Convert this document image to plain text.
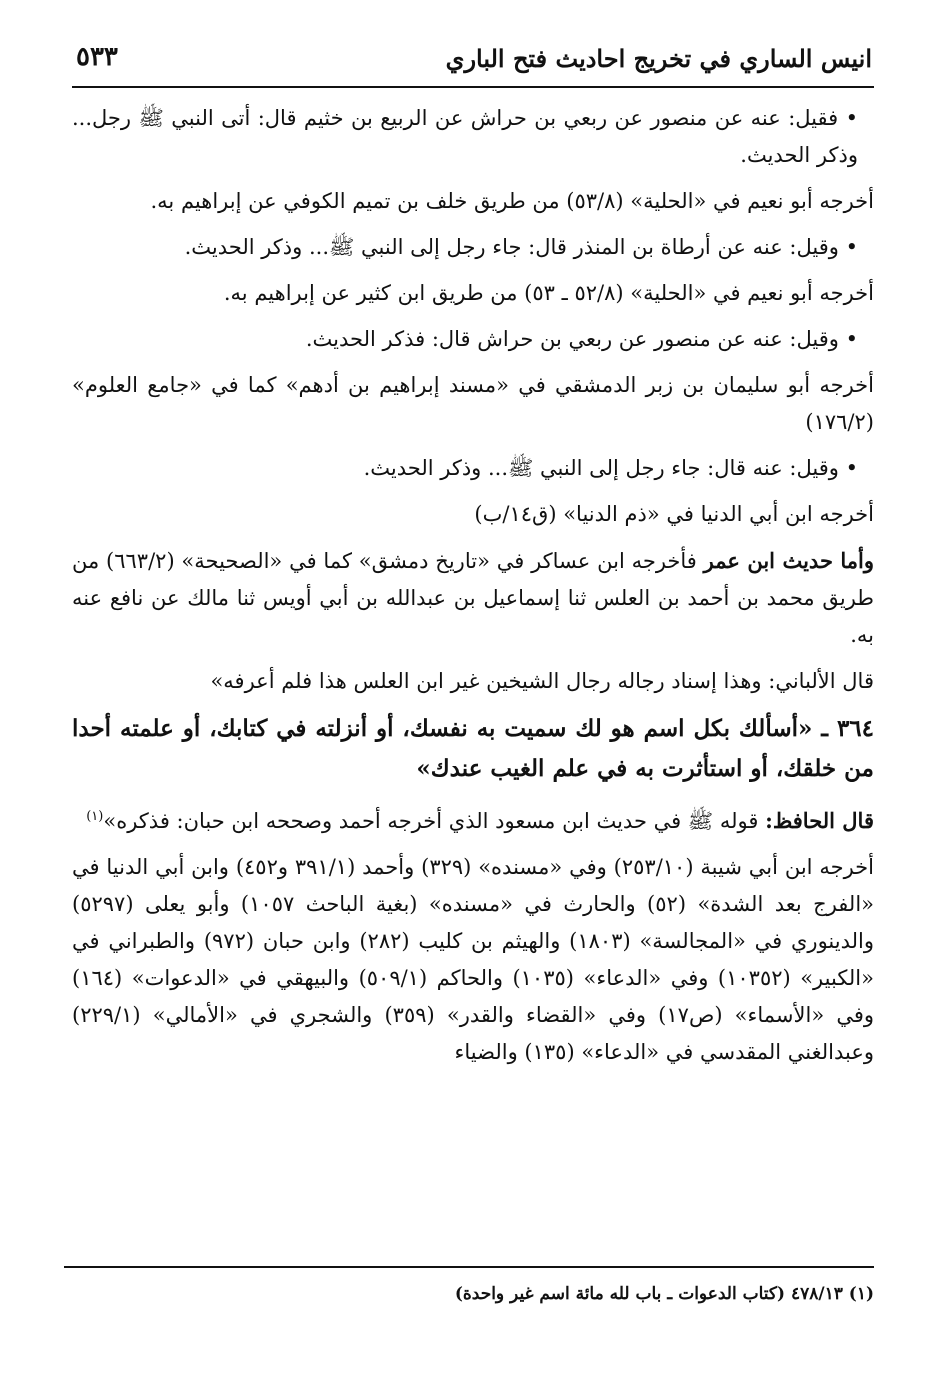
انيس الساري في تخريج احاديث فتح الباري
٥٣٣

• فقيل: عنه عن منصور عن ربعي بن حراش عن الربيع بن خثيم قال: أتى النبي ﷺ رجل... وذكر الحديث.

أخرجه أبو نعيم في «الحلية» (٥٣/٨) من طريق خلف بن تميم الكوفي عن إبراهيم به.

• وقيل: عنه عن أرطاة بن المنذر قال: جاء رجل إلى النبي ﷺ... وذكر الحديث.

أخرجه أبو نعيم في «الحلية» (٥٢/٨ ـ ٥٣) من طريق ابن كثير عن إبراهيم به.

• وقيل: عنه عن منصور عن ربعي بن حراش قال: فذكر الحديث.

أخرجه أبو سليمان بن زبر الدمشقي في «مسند إبراهيم بن أدهم» كما في «جامع العلوم» (١٧٦/٢)

• وقيل: عنه قال: جاء رجل إلى النبي ﷺ... وذكر الحديث.

أخرجه ابن أبي الدنيا في «ذم الدنيا» (ق١٤/ب)

وأما حديث ابن عمر فأخرجه ابن عساكر في «تاريخ دمشق» كما في «الصحيحة» (٦٦٣/٢) من طريق محمد بن أحمد بن العلس ثنا إسماعيل بن عبدالله بن أبي أويس ثنا مالك عن نافع عنه به.

قال الألباني: وهذا إسناد رجاله رجال الشيخين غير ابن العلس هذا فلم أعرفه»

٣٦٤ ـ «أسألك بكل اسم هو لك سميت به نفسك، أو أنزلته في كتابك، أو علمته أحدا من خلقك، أو استأثرت به في علم الغيب عندك»

قال الحافظ: قوله ﷺ في حديث ابن مسعود الذي أخرجه أحمد وصححه ابن حبان: فذكره»$^{(١)}$

أخرجه ابن أبي شيبة (٢٥٣/١٠) وفي «مسنده» (٣٢٩) وأحمد (٣٩١/١ و٤٥٢) وابن أبي الدنيا في «الفرج بعد الشدة» (٥٢) والحارث في «مسنده» (بغية الباحث ١٠٥٧) وأبو يعلى (٥٢٩٧) والدينوري في «المجالسة» (١٨٠٣) والهيثم بن كليب (٢٨٢) وابن حبان (٩٧٢) والطبراني في «الكبير» (١٠٣٥٢) وفي «الدعاء» (١٠٣٥) والحاكم (٥٠٩/١) والبيهقي في «الدعوات» (١٦٤) وفي «الأسماء» (ص١٧) وفي «القضاء والقدر» (٣٥٩) والشجري في «الأمالي» (٢٢٩/١) وعبدالغني المقدسي في «الدعاء» (١٣٥) والضياء

(١) ٤٧٨/١٣ (كتاب الدعوات ـ باب لله مائة اسم غير واحدة)
